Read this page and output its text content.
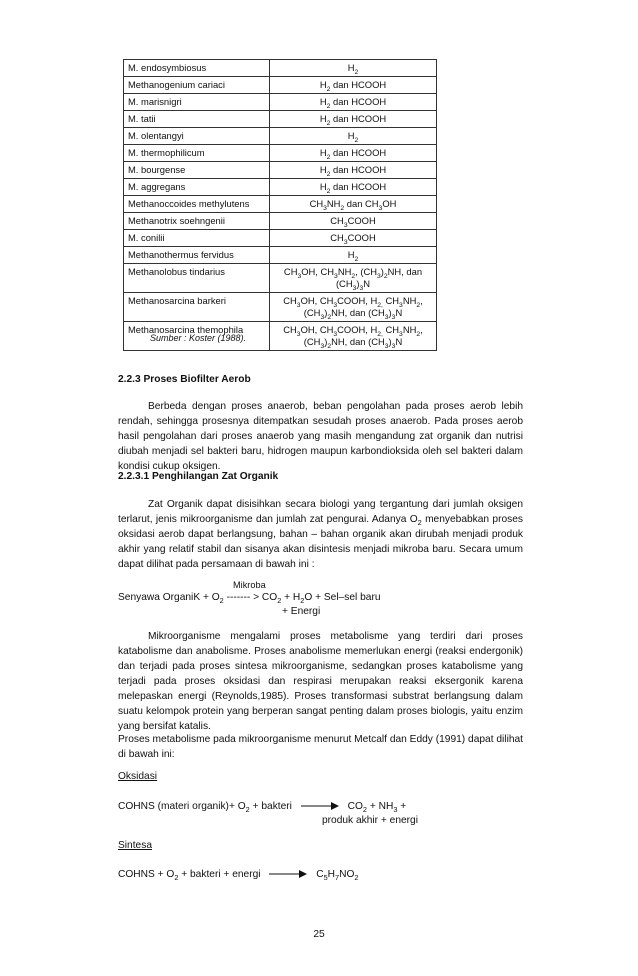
M. endosymbiosus	$H_2$
Methanogenium cariaci	$H_2$ dan HCOOH
M. marisnigri	$H_2$ dan HCOOH
M. tatii	$H_2$ dan HCOOH
M. olentangyi	$H_2$
M. thermophilicum	$H_2$ dan HCOOH
M. bourgense	$H_2$ dan HCOOH
M. aggregans	$H_2$ dan HCOOH
Methanoccoides methylutens	$CH_3NH_2$ dan $CH_3OH$
Methanotrix soehngenii	$CH_3COOH$
M. conilii	$CH_3COOH$
Methanothermus fervidus	$H_2$
Methanolobus tindarius	$CH_3OH$, $CH_3NH_2$, $(CH_3)_2NH$, dan
$(CH_3)_3N$
Methanosarcina barkeri	$CH_3OH$, $CH_3COOH$, $H_{2,}$ $CH_3NH_2$,
$(CH_3)_2NH$, dan $(CH_3)_3N$
Methanosarcina themophila	$CH_3OH$, $CH_3COOH$, $H_{2,}$ $CH_3NH_2$,
$(CH_3)_2NH$, dan $(CH_3)_3N$
Sumber : Koster (1988).
2.2.3 Proses Biofilter Aerob
Berbeda dengan proses anaerob, beban pengolahan pada proses aerob lebih rendah, sehingga prosesnya ditempatkan sesudah proses anaerob. Pada proses aerob hasil pengolahan dari proses anaerob yang masih mengandung zat organik dan nutrisi diubah menjadi sel bakteri baru, hidrogen maupun karbondioksida oleh sel bakteri dalam kondisi cukup oksigen.
2.2.3.1 Penghilangan Zat Organik
Zat Organik dapat disisihkan secara biologi yang tergantung dari jumlah oksigen terlarut, jenis mikroorganisme dan jumlah zat pengurai. Adanya $O_2$ menyebabkan proses oksidasi aerob dapat berlangsung, bahan – bahan organik akan dirubah menjadi produk akhir yang relatif stabil dan sisanya akan disintesis menjadi mikroba baru. Secara umum dapat dilihat pada persamaan di bawah ini :
Mikroba
Senyawa OrganiK + $O_2$ ------- > $CO_2 + H_2O + Sel-sel$ baru
+ Energi
Mikroorganisme mengalami proses metabolisme yang terdiri dari proses katabolisme dan anabolisme. Proses anabolisme memerlukan energi (reaksi endergonik) dan terjadi pada proses sintesa mikroorganisme, sedangkan proses katabolisme yang terjadi pada proses oksidasi dan respirasi merupakan reaksi eksergonik karena melepaskan energi (Reynolds,1985). Proses transformasi substrat berlangsung dalam suatu kelompok protein yang berperan sangat penting dalam proses biologis, yaitu enzim yang bersifat katalis.
Proses metabolisme pada mikroorganisme menurut Metcalf dan Eddy (1991) dapat dilihat di bawah ini:
Oksidasi
COHNS (materi organik)+ $O_2$ + bakteri	$CO_2 + NH_3$ +
produk akhir + energi
Sintesa
COHNS + $O_2$ + bakteri + energi	$C_5H_7NO_2$
25
